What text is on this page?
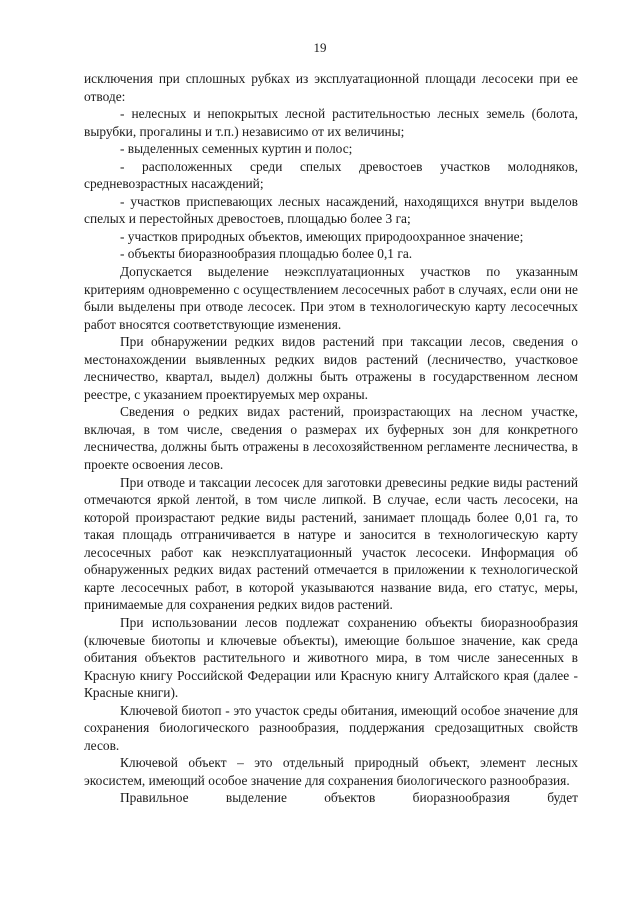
19

исключения при сплошных рубках из эксплуатационной площади лесосеки при ее отводе:

- нелесных и непокрытых лесной растительностью лесных земель (болота, вырубки, прогалины и т.п.) независимо от их величины;

- выделенных семенных куртин и полос;

- расположенных среди спелых древостоев участков молодняков, средневозрастных насаждений;

- участков приспевающих лесных насаждений, находящихся внутри выделов спелых и перестойных древостоев, площадью более 3 га;

- участков природных объектов, имеющих природоохранное значение;

- объекты биоразнообразия площадью более 0,1 га.

Допускается выделение неэксплуатационных участков по указанным критериям одновременно с осуществлением лесосечных работ в случаях, если они не были выделены при отводе лесосек. При этом в технологическую карту лесосечных работ вносятся соответствующие изменения.

При обнаружении редких видов растений при таксации лесов, сведения о местонахождении выявленных редких видов растений (лесничество, участковое лесничество, квартал, выдел) должны быть отражены в государственном лесном реестре, с указанием проектируемых мер охраны.

Сведения о редких видах растений, произрастающих на лесном участке, включая, в том числе, сведения о размерах их буферных зон для конкретного лесничества, должны быть отражены в лесохозяйственном регламенте лесничества, в проекте освоения лесов.

При отводе и таксации лесосек для заготовки древесины редкие виды растений отмечаются яркой лентой, в том числе липкой. В случае, если часть лесосеки, на которой произрастают редкие виды растений, занимает площадь более 0,01 га, то такая площадь отграничивается в натуре и заносится в технологическую карту лесосечных работ как неэксплуатационный участок лесосеки. Информация об обнаруженных редких видах растений отмечается в приложении к технологической карте лесосечных работ, в которой указываются название вида, его статус, меры, принимаемые для сохранения редких видов растений.

При использовании лесов подлежат сохранению объекты биоразнообразия (ключевые биотопы и ключевые объекты), имеющие большое значение, как среда обитания объектов растительного и животного мира, в том числе занесенных в Красную книгу Российской Федерации или Красную книгу Алтайского края (далее - Красные книги).

Ключевой биотоп - это участок среды обитания, имеющий особое значение для сохранения биологического разнообразия, поддержания средозащитных свойств лесов.

Ключевой объект – это отдельный природный объект, элемент лесных экосистем, имеющий особое значение для сохранения биологического разнообразия.

Правильное выделение объектов биоразнообразия будет
